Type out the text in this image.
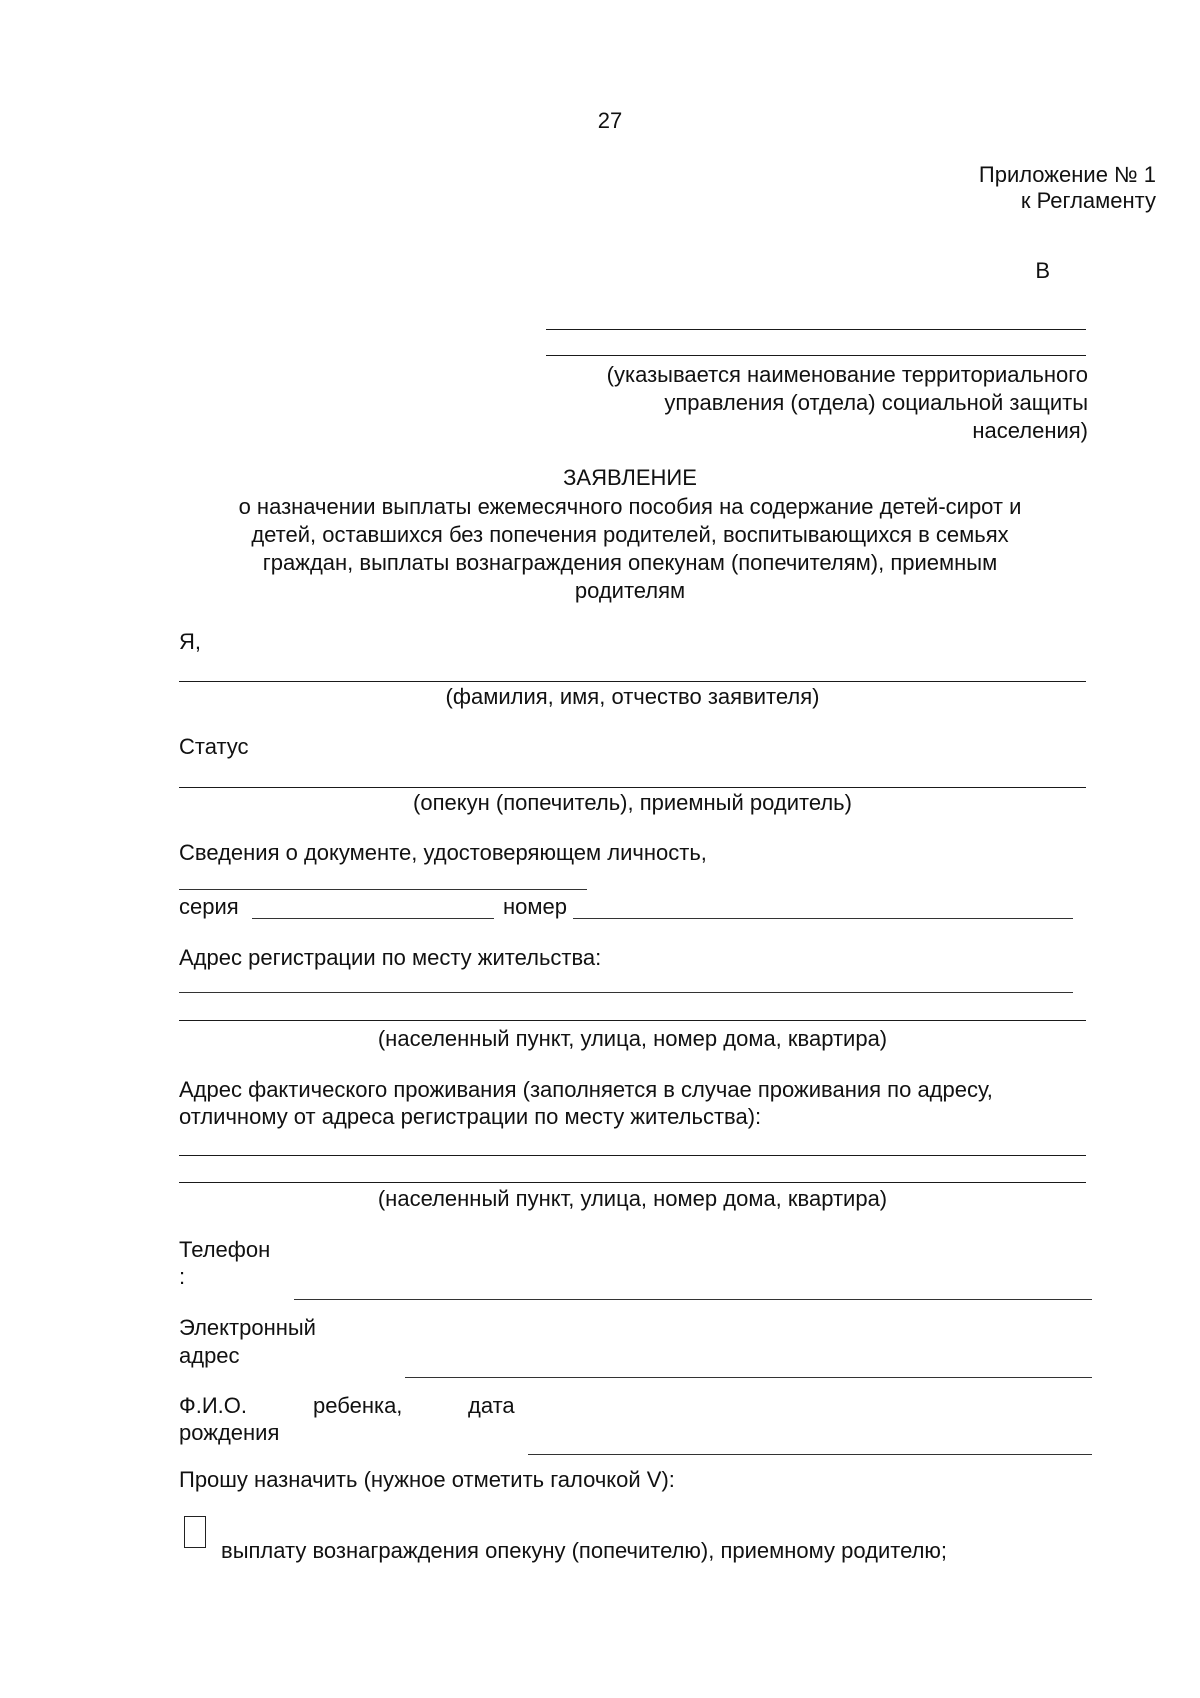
27
Приложение № 1
к Регламенту
В
(указывается наименование территориального
управления (отдела) социальной защиты
населения)
ЗАЯВЛЕНИЕ
о назначении выплаты ежемесячного пособия на содержание детей-сирот и
детей, оставшихся без попечения родителей, воспитывающихся в семьях
граждан, выплаты вознаграждения опекунам (попечителям), приемным
родителям
Я,
(фамилия, имя, отчество заявителя)
Статус
(опекун (попечитель), приемный родитель)
Сведения о документе, удостоверяющем личность,
серия	номер
Адрес регистрации по месту жительства:
(населенный пункт, улица, номер дома, квартира)
Адрес фактического проживания (заполняется в случае проживания по адресу,
отличному от адреса регистрации по месту жительства):
(населенный пункт, улица, номер дома, квартира)
Телефон
:
Электронный
адрес
Ф.И.О.	ребенка,	дата
рождения
Прошу назначить (нужное отметить галочкой V):
выплату вознаграждения опекуну (попечителю), приемному родителю;
